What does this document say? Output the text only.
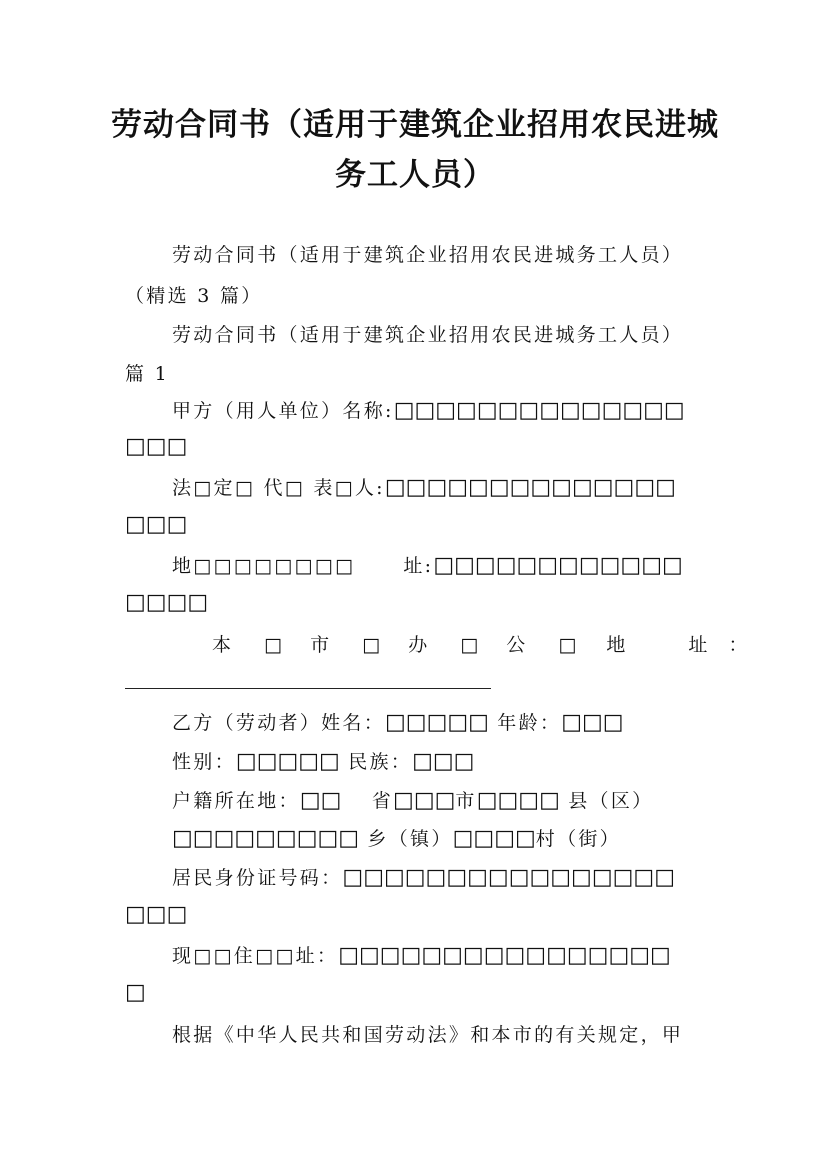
劳动合同书（适用于建筑企业招用农民进城
务工人员）
劳动合同书（适用于建筑企业招用农民进城务工人员）
（精选 3 篇）
劳动合同书（适用于建筑企业招用农民进城务工人员）
篇 1
甲方（用人单位）名称:□□□□□□□□□□□□□□
□□□
法□定□ 代□ 表□人:□□□□□□□□□□□□□□
□□□
地□□□□□□□□	址:□□□□□□□□□□□□
□□□□
本 □ 市 □ 办 □ 公 □ 地	址 ：
乙方（劳动者）姓名：□□□□□ 年龄：□□□
性别：□□□□□ 民族：□□□
户籍所在地：□□ 省□□□市□□□□ 县（区）
□□□□□□□□□ 乡（镇）□□□□村（街）
居民身份证号码：□□□□□□□□□□□□□□□□
□□□
现□□住□□址：□□□□□□□□□□□□□□□□
□
根据《中华人民共和国劳动法》和本市的有关规定，甲
